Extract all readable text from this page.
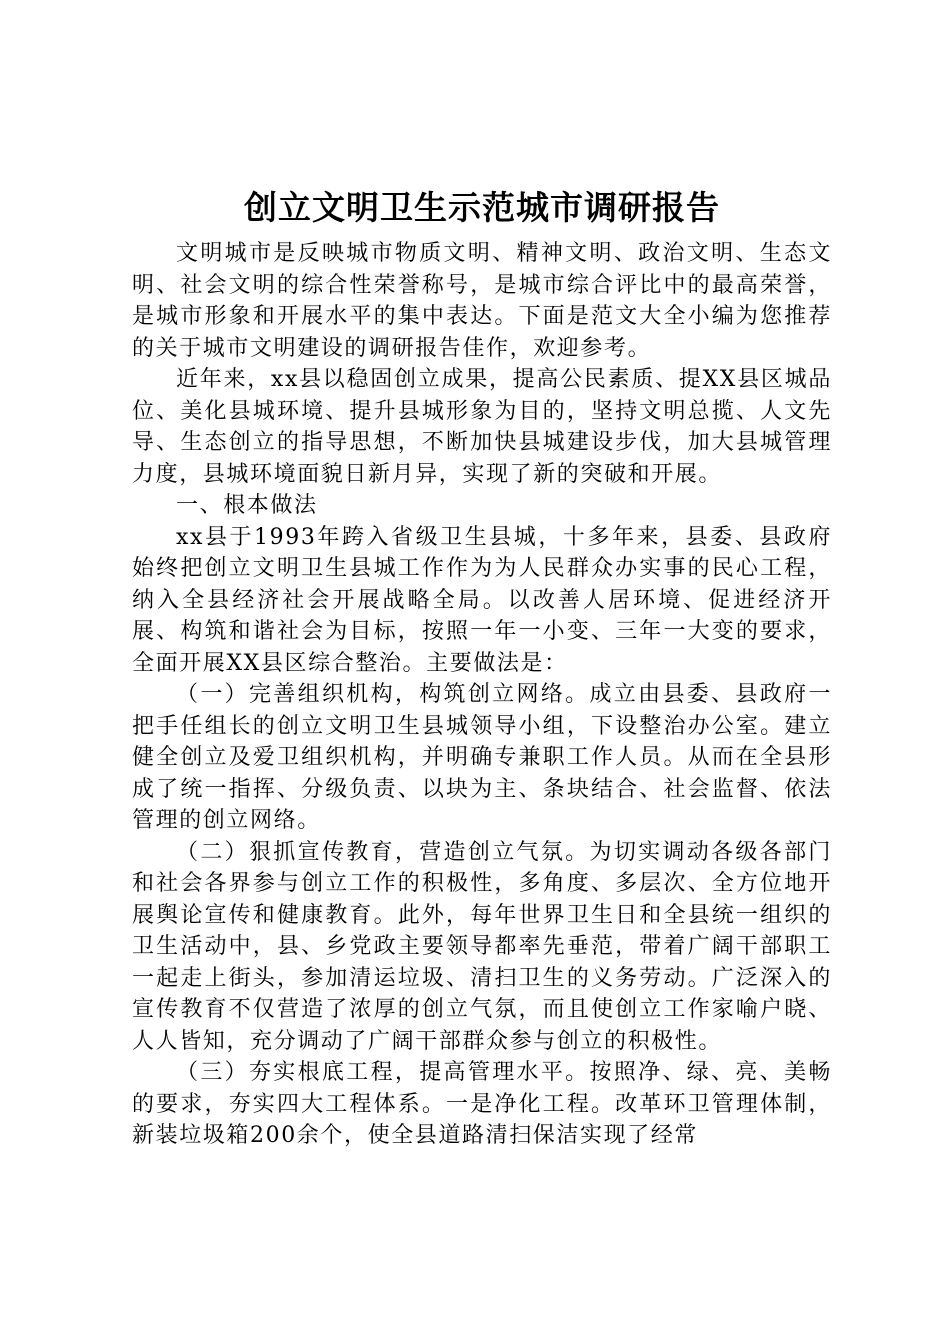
创立文明卫生示范城市调研报告

文明城市是反映城市物质文明、精神文明、政治文明、生态文明、社会文明的综合性荣誉称号，是城市综合评比中的最高荣誉，是城市形象和开展水平的集中表达。下面是范文大全小编为您推荐的关于城市文明建设的调研报告佳作，欢迎参考。

近年来，xx县以稳固创立成果，提高公民素质、提XX县区城品位、美化县城环境、提升县城形象为目的，坚持文明总揽、人文先导、生态创立的指导思想，不断加快县城建设步伐，加大县城管理力度，县城环境面貌日新月异，实现了新的突破和开展。

一、根本做法

xx县于1993年跨入省级卫生县城，十多年来，县委、县政府始终把创立文明卫生县城工作作为为人民群众办实事的民心工程，纳入全县经济社会开展战略全局。以改善人居环境、促进经济开展、构筑和谐社会为目标，按照一年一小变、三年一大变的要求，全面开展XX县区综合整治。主要做法是：

（一）完善组织机构，构筑创立网络。成立由县委、县政府一把手任组长的创立文明卫生县城领导小组，下设整治办公室。建立健全创立及爱卫组织机构，并明确专兼职工作人员。从而在全县形成了统一指挥、分级负责、以块为主、条块结合、社会监督、依法管理的创立网络。

（二）狠抓宣传教育，营造创立气氛。为切实调动各级各部门和社会各界参与创立工作的积极性，多角度、多层次、全方位地开展舆论宣传和健康教育。此外，每年世界卫生日和全县统一组织的卫生活动中，县、乡党政主要领导都率先垂范，带着广阔干部职工一起走上街头，参加清运垃圾、清扫卫生的义务劳动。广泛深入的宣传教育不仅营造了浓厚的创立气氛，而且使创立工作家喻户晓、人人皆知，充分调动了广阔干部群众参与创立的积极性。

（三）夯实根底工程，提高管理水平。按照净、绿、亮、美畅的要求，夯实四大工程体系。一是净化工程。改革环卫管理体制，新装垃圾箱200余个，使全县道路清扫保洁实现了经常
